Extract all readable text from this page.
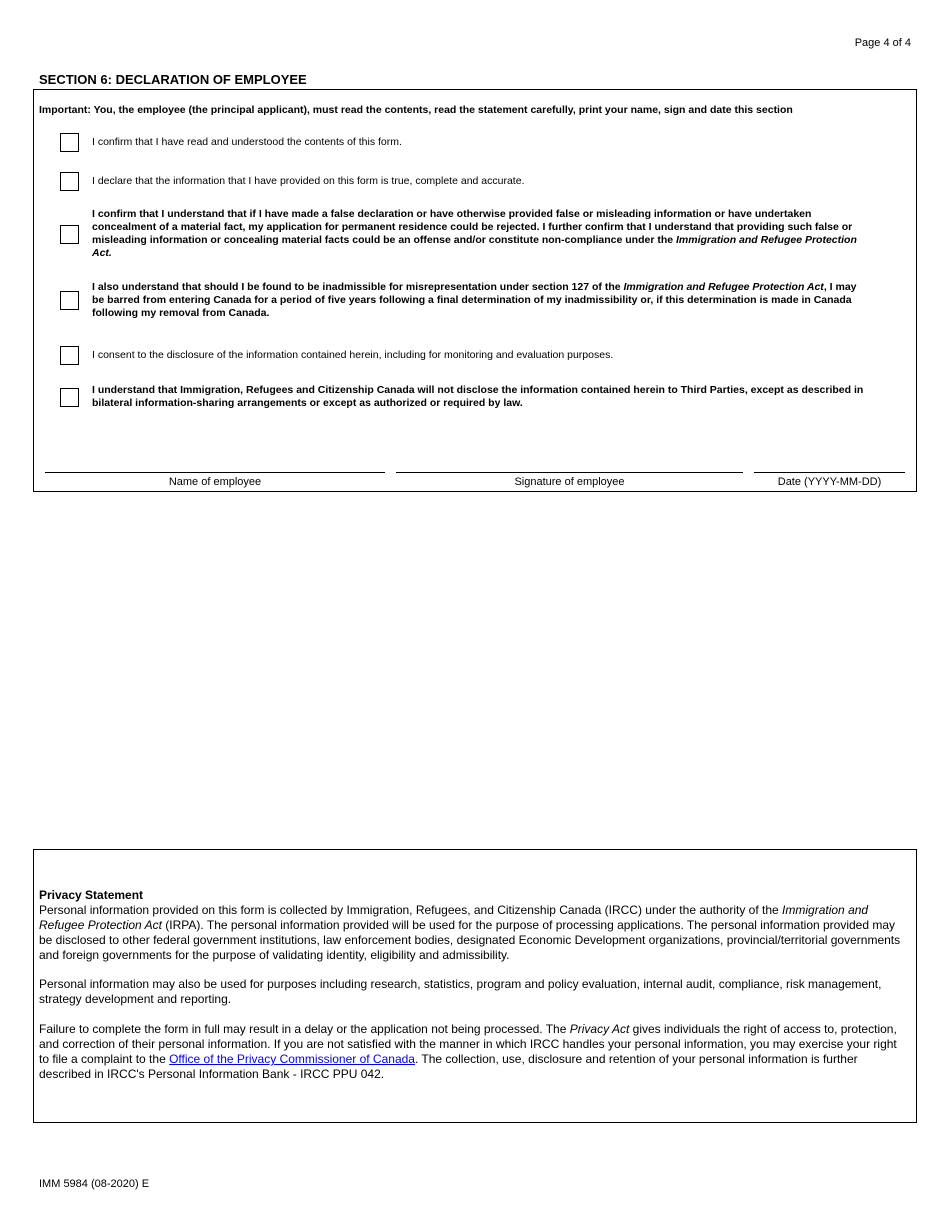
Page 4 of 4
SECTION 6: DECLARATION OF EMPLOYEE
Important: You, the employee (the principal applicant), must read the contents, read the statement carefully, print your name, sign and date this section
I confirm that I have read and understood the contents of this form.
I declare that the information that I have provided on this form is true, complete and accurate.
I confirm that I understand that if I have made a false declaration or have otherwise provided false or misleading information or have undertaken concealment of a material fact, my application for permanent residence could be rejected. I further confirm that I understand that providing such false or misleading information or concealing material facts could be an offense and/or constitute non-compliance under the Immigration and Refugee Protection Act.
I also understand that should I be found to be inadmissible for misrepresentation under section 127 of the Immigration and Refugee Protection Act, I may be barred from entering Canada for a period of five years following a final determination of my inadmissibility or, if this determination is made in Canada following my removal from Canada.
I consent to the disclosure of the information contained herein, including for monitoring and evaluation purposes.
I understand that Immigration, Refugees and Citizenship Canada will not disclose the information contained herein to Third Parties, except as described in bilateral information-sharing arrangements or except as authorized or required by law.
Name of employee	Signature of employee	Date (YYYY-MM-DD)
Privacy Statement
Personal information provided on this form is collected by Immigration, Refugees, and Citizenship Canada (IRCC) under the authority of the Immigration and Refugee Protection Act (IRPA). The personal information provided will be used for the purpose of processing applications. The personal information provided may be disclosed to other federal government institutions, law enforcement bodies, designated Economic Development organizations, provincial/territorial governments and foreign governments for the purpose of validating identity, eligibility and admissibility.
Personal information may also be used for purposes including research, statistics, program and policy evaluation, internal audit, compliance, risk management, strategy development and reporting.
Failure to complete the form in full may result in a delay or the application not being processed. The Privacy Act gives individuals the right of access to, protection, and correction of their personal information. If you are not satisfied with the manner in which IRCC handles your personal information, you may exercise your right to file a complaint to the Office of the Privacy Commissioner of Canada. The collection, use, disclosure and retention of your personal information is further described in IRCC's Personal Information Bank - IRCC PPU 042.
IMM 5984 (08-2020) E
